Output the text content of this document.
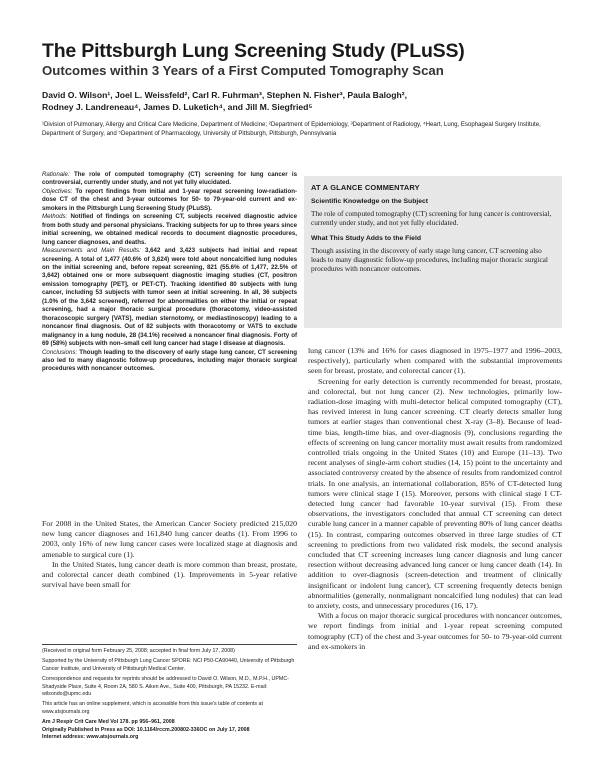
The Pittsburgh Lung Screening Study (PLuSS)
Outcomes within 3 Years of a First Computed Tomography Scan
David O. Wilson¹, Joel L. Weissfeld², Carl R. Fuhrman³, Stephen N. Fisher³, Paula Balogh²,
Rodney J. Landreneau⁴, James D. Luketich⁴, and Jill M. Siegfried⁵
¹Division of Pulmonary, Allergy and Critical Care Medicine, Department of Medicine; ²Department of Epidemiology, ³Department of Radiology, ⁴Heart, Lung, Esophageal Surgery Institute, Department of Surgery, and ⁵Department of Pharmacology, University of Pittsburgh, Pittsburgh, Pennsylvania

Rationale: The role of computed tomography (CT) screening for lung cancer is controversial, currently under study, and not yet fully elucidated.

Objectives: To report findings from initial and 1-year repeat screening low-radiation-dose CT of the chest and 3-year outcomes for 50- to 79-year-old current and ex-smokers in the Pittsburgh Lung Screening Study (PLuSS).

Methods: Notified of findings on screening CT, subjects received diagnostic advice from both study and personal physicians. Tracking subjects for up to three years since initial screening, we obtained medical records to document diagnostic procedures, lung cancer diagnoses, and deaths.

Measurements and Main Results: 3,642 and 3,423 subjects had initial and repeat screening. A total of 1,477 (40.6% of 3,624) were told about noncalcified lung nodules on the initial screening and, before repeat screening, 821 (55.6% of 1,477, 22.5% of 3,642) obtained one or more subsequent diagnostic imaging studies (CT, positron emission tomography [PET], or PET-CT). Tracking identified 80 subjects with lung cancer, including 53 subjects with tumor seen at initial screening. In all, 36 subjects (1.0% of the 3,642 screened), referred for abnormalities on either the initial or repeat screening, had a major thoracic surgical procedure (thoracotomy, video-assisted thoracoscopic surgery [VATS], median sternotomy, or mediastinoscopy) leading to a noncancer final diagnosis. Out of 82 subjects with thoracotomy or VATS to exclude malignancy in a lung nodule, 28 (34.1%) received a noncancer final diagnosis. Forty of 69 (58%) subjects with non–small cell lung cancer had stage I disease at diagnosis.

Conclusions: Though leading to the discovery of early stage lung cancer, CT screening also led to many diagnostic follow-up procedures, including major thoracic surgical procedures with noncancer outcomes.

For 2008 in the United States, the American Cancer Society predicted 215,020 new lung cancer diagnoses and 161,840 lung cancer deaths (1). From 1996 to 2003, only 16% of new lung cancer cases were localized stage at diagnosis and amenable to surgical cure (1).

In the United States, lung cancer death is more common than breast, prostate, and colorectal cancer death combined (1). Improvements in 5-year relative survival have been small for

(Received in original form February 25, 2008; accepted in final form July 17, 2008)

Supported by the University of Pittsburgh Lung Cancer SPORE: NCI P50-CA90440, University of Pittsburgh Cancer Institute, and University of Pittsburgh Medical Center.

Correspondence and requests for reprints should be addressed to David O. Wilson, M.D., M.P.H., UPMC-Shadyside Place, Suite 4, Room 2A, 580 S. Aiken Ave., Suite 400, Pittsburgh, PA 15232. E-mail: wilsondo@upmc.edu

This article has an online supplement, which is accessible from this issue's table of contents at www.atsjournals.org

Am J Respir Crit Care Med Vol 178. pp 956–961, 2008

Originally Published in Press as DOI: 10.1164/rccm.200802-336OC on July 17, 2008

Internet address: www.atsjournals.org

AT A GLANCE COMMENTARY
Scientific Knowledge on the Subject
The role of computed tomography (CT) screening for lung cancer is controversial, currently under study, and not yet fully elucidated.
What This Study Adds to the Field
Though assisting in the discovery of early stage lung cancer, CT screening also leads to many diagnostic follow-up procedures, including major thoracic surgical procedures with noncancer outcomes.

lung cancer (13% and 16% for cases diagnosed in 1975–1977 and 1996–2003, respectively), particularly when compared with the substantial improvements seen for breast, prostate, and colorectal cancer (1).

Screening for early detection is currently recommended for breast, prostate, and colorectal, but not lung cancer (2). New technologies, primarily low-radiation-dose imaging with multi-detector helical computed tomography (CT), has revived interest in lung cancer screening. CT clearly detects smaller lung tumors at earlier stages than conventional chest X-ray (3–8). Because of lead-time bias, length-time bias, and over-diagnosis (9), conclusions regarding the effects of screening on lung cancer mortality must await results from randomized controlled trials ongoing in the United States (10) and Europe (11–13). Two recent analyses of single-arm cohort studies (14, 15) point to the uncertainty and associated controversy created by the absence of results from randomized control trials. In one analysis, an international collaboration, 85% of CT-detected lung tumors were clinical stage I (15). Moreover, persons with clinical stage I CT-detected lung cancer had favorable 10-year survival (15). From these observations, the investigators concluded that annual CT screening can detect curable lung cancer in a manner capable of preventing 80% of lung cancer deaths (15). In contrast, comparing outcomes observed in three large studies of CT screening to predictions from two validated risk models, the second analysis concluded that CT screening increases lung cancer diagnosis and lung cancer resection without decreasing advanced lung cancer or lung cancer death (14). In addition to over-diagnosis (screen-detection and treatment of clinically insignificant or indolent lung cancer), CT screening frequently detects benign abnormalities (generally, nonmalignant noncalcified lung nodules) that can lead to anxiety, costs, and unnecessary procedures (16, 17).

With a focus on major thoracic surgical procedures with noncancer outcomes, we report findings from initial and 1-year repeat screening computed tomography (CT) of the chest and 3-year outcomes for 50- to 79-year-old current and ex-smokers in
